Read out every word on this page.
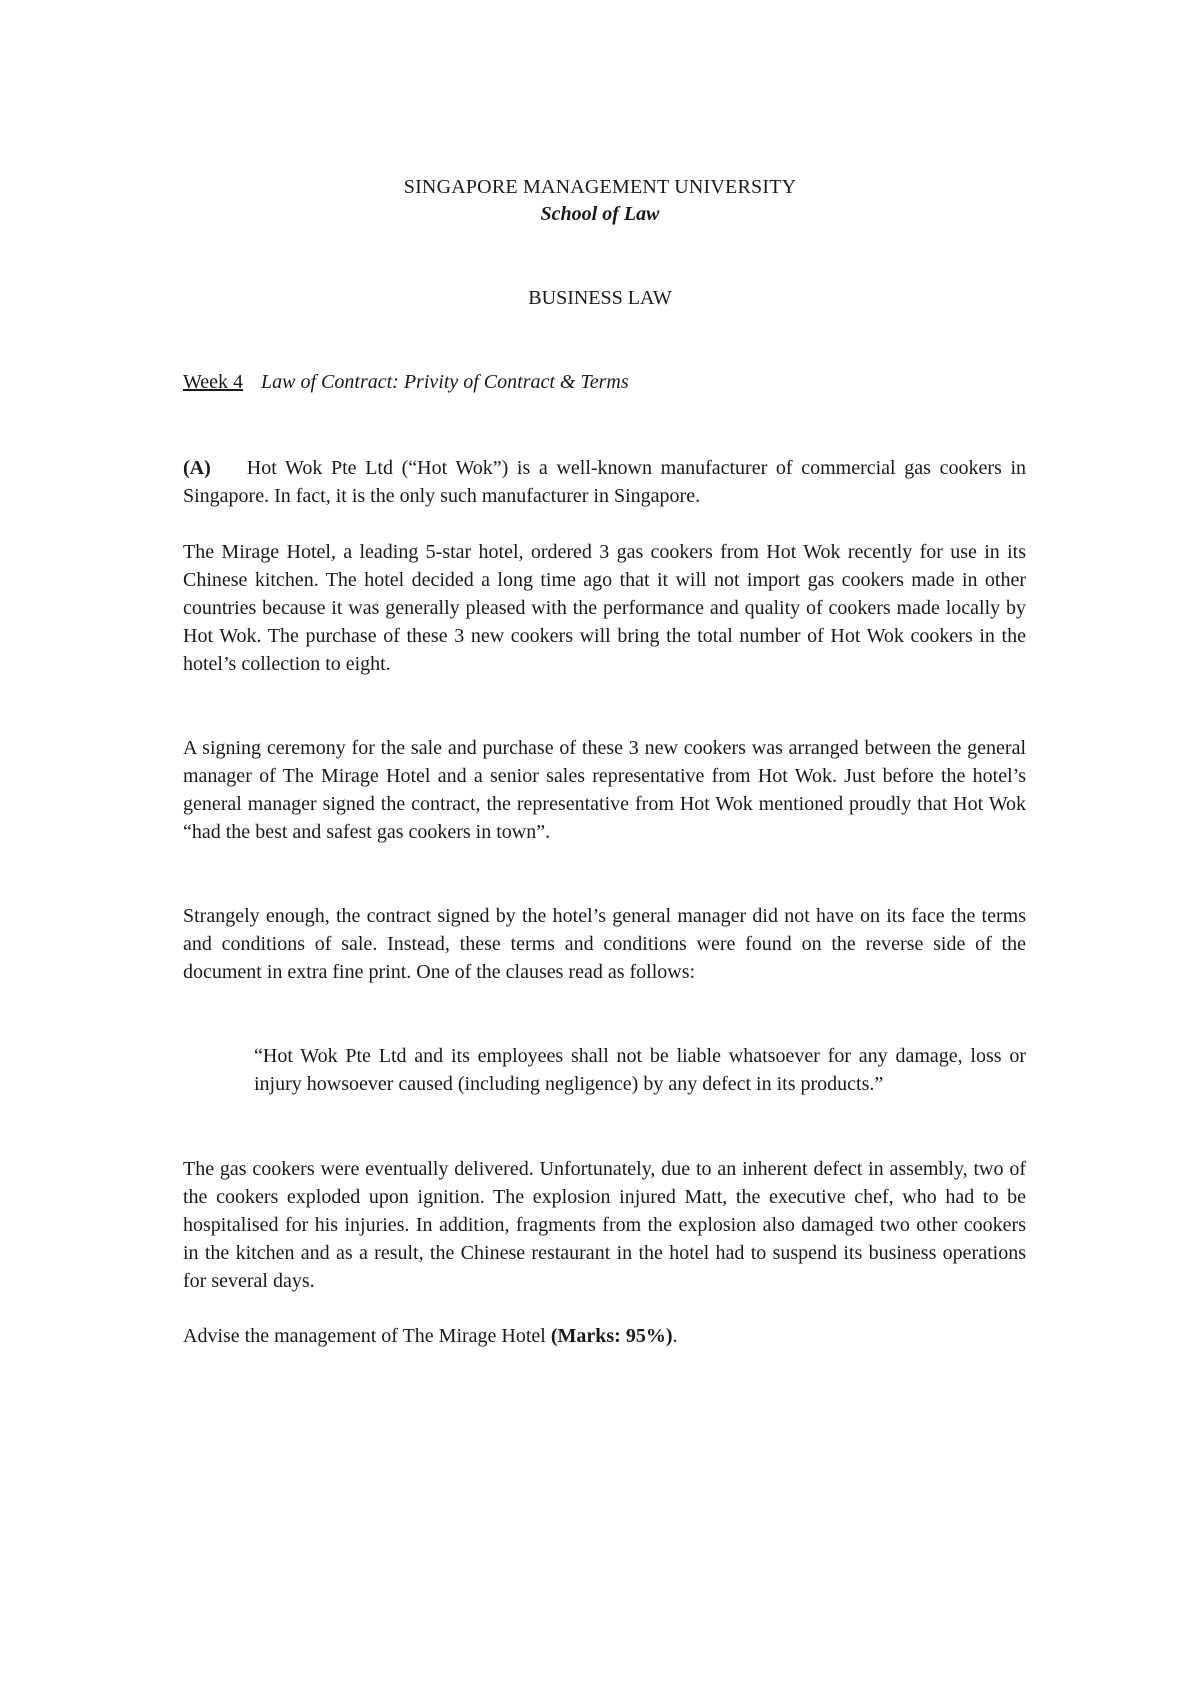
SINGAPORE MANAGEMENT UNIVERSITY
School of Law
BUSINESS LAW
Week 4 Law of Contract: Privity of Contract & Terms
(A) Hot Wok Pte Ltd (“Hot Wok”) is a well-known manufacturer of commercial gas cookers in Singapore. In fact, it is the only such manufacturer in Singapore.
The Mirage Hotel, a leading 5-star hotel, ordered 3 gas cookers from Hot Wok recently for use in its Chinese kitchen. The hotel decided a long time ago that it will not import gas cookers made in other countries because it was generally pleased with the performance and quality of cookers made locally by Hot Wok. The purchase of these 3 new cookers will bring the total number of Hot Wok cookers in the hotel’s collection to eight.
A signing ceremony for the sale and purchase of these 3 new cookers was arranged between the general manager of The Mirage Hotel and a senior sales representative from Hot Wok. Just before the hotel’s general manager signed the contract, the representative from Hot Wok mentioned proudly that Hot Wok “had the best and safest gas cookers in town”.
Strangely enough, the contract signed by the hotel’s general manager did not have on its face the terms and conditions of sale. Instead, these terms and conditions were found on the reverse side of the document in extra fine print. One of the clauses read as follows:
“Hot Wok Pte Ltd and its employees shall not be liable whatsoever for any damage, loss or injury howsoever caused (including negligence) by any defect in its products.”
The gas cookers were eventually delivered. Unfortunately, due to an inherent defect in assembly, two of the cookers exploded upon ignition. The explosion injured Matt, the executive chef, who had to be hospitalised for his injuries. In addition, fragments from the explosion also damaged two other cookers in the kitchen and as a result, the Chinese restaurant in the hotel had to suspend its business operations for several days.
Advise the management of The Mirage Hotel (Marks: 95%).
